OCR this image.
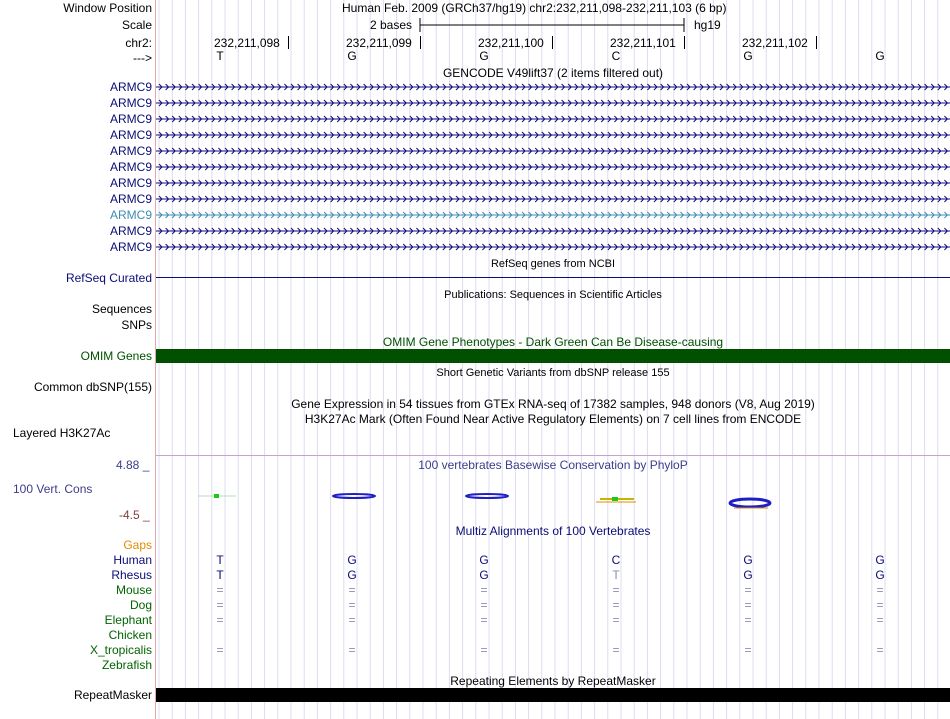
Window Position	Human Feb. 2009 (GRCh37/hg19) chr2:232,211,098-232,211,103 (6 bp)
Scale	2 bases	hg19
chr2:	232,211,098	232,211,099	232,211,100	232,211,101	232,211,102
--->	T	G	G	C	G	G
GENCODE V49lift37 (2 items filtered out)
ARMC9
ARMC9
ARMC9
ARMC9
ARMC9
ARMC9
ARMC9
ARMC9
ARMC9
ARMC9
ARMC9
RefSeq genes from NCBI
RefSeq Curated
Publications: Sequences in Scientific Articles
Sequences
SNPs
OMIM Gene Phenotypes - Dark Green Can Be Disease-causing
OMIM Genes
Short Genetic Variants from dbSNP release 155
Common dbSNP(155)
Gene Expression in 54 tissues from GTEx RNA-seq of 17382 samples, 948 donors (V8, Aug 2019)
H3K27Ac Mark (Often Found Near Active Regulatory Elements) on 7 cell lines from ENCODE
Layered H3K27Ac
4.88 _	100 vertebrates Basewise Conservation by PhyloP
100 Vert. Cons
-4.5 _
Multiz Alignments of 100 Vertebrates
Gaps
Human	T	G	G	C	G	G
Rhesus	T	G	G	T	G	G
Mouse	=	=	=	=	=	=
Dog	=	=	=	=	=	=
Elephant	=	=	=	=	=	=
Chicken
X_tropicalis	=	=	=	=	=	=
Zebrafish
Repeating Elements by RepeatMasker
RepeatMasker
